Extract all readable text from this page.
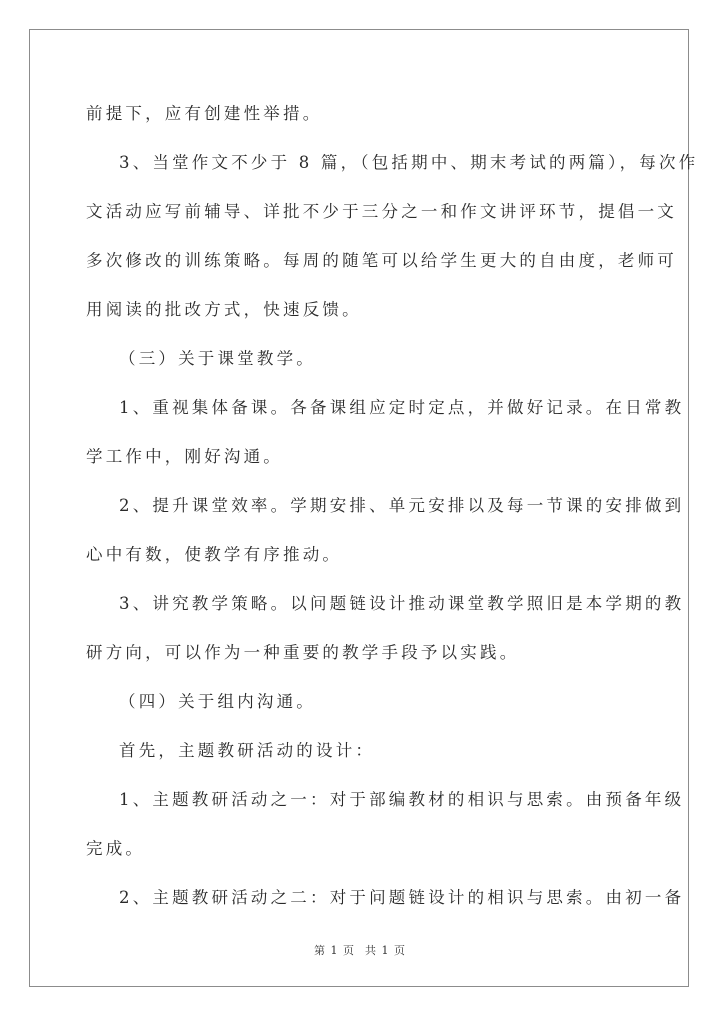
前提下，应有创建性举措。
3、当堂作文不少于 8 篇，（包括期中、期末考试的两篇），每次作
文活动应写前辅导、详批不少于三分之一和作文讲评环节，提倡一文
多次修改的训练策略。每周的随笔可以给学生更大的自由度，老师可
用阅读的批改方式，快速反馈。
（三）关于课堂教学。
1、重视集体备课。各备课组应定时定点，并做好记录。在日常教
学工作中，刚好沟通。
2、提升课堂效率。学期安排、单元安排以及每一节课的安排做到
心中有数，使教学有序推动。
3、讲究教学策略。以问题链设计推动课堂教学照旧是本学期的教
研方向，可以作为一种重要的教学手段予以实践。
（四）关于组内沟通。
首先，主题教研活动的设计：
1、主题教研活动之一：对于部编教材的相识与思索。由预备年级
完成。
2、主题教研活动之二：对于问题链设计的相识与思索。由初一备
第 1 页 共 1 页
